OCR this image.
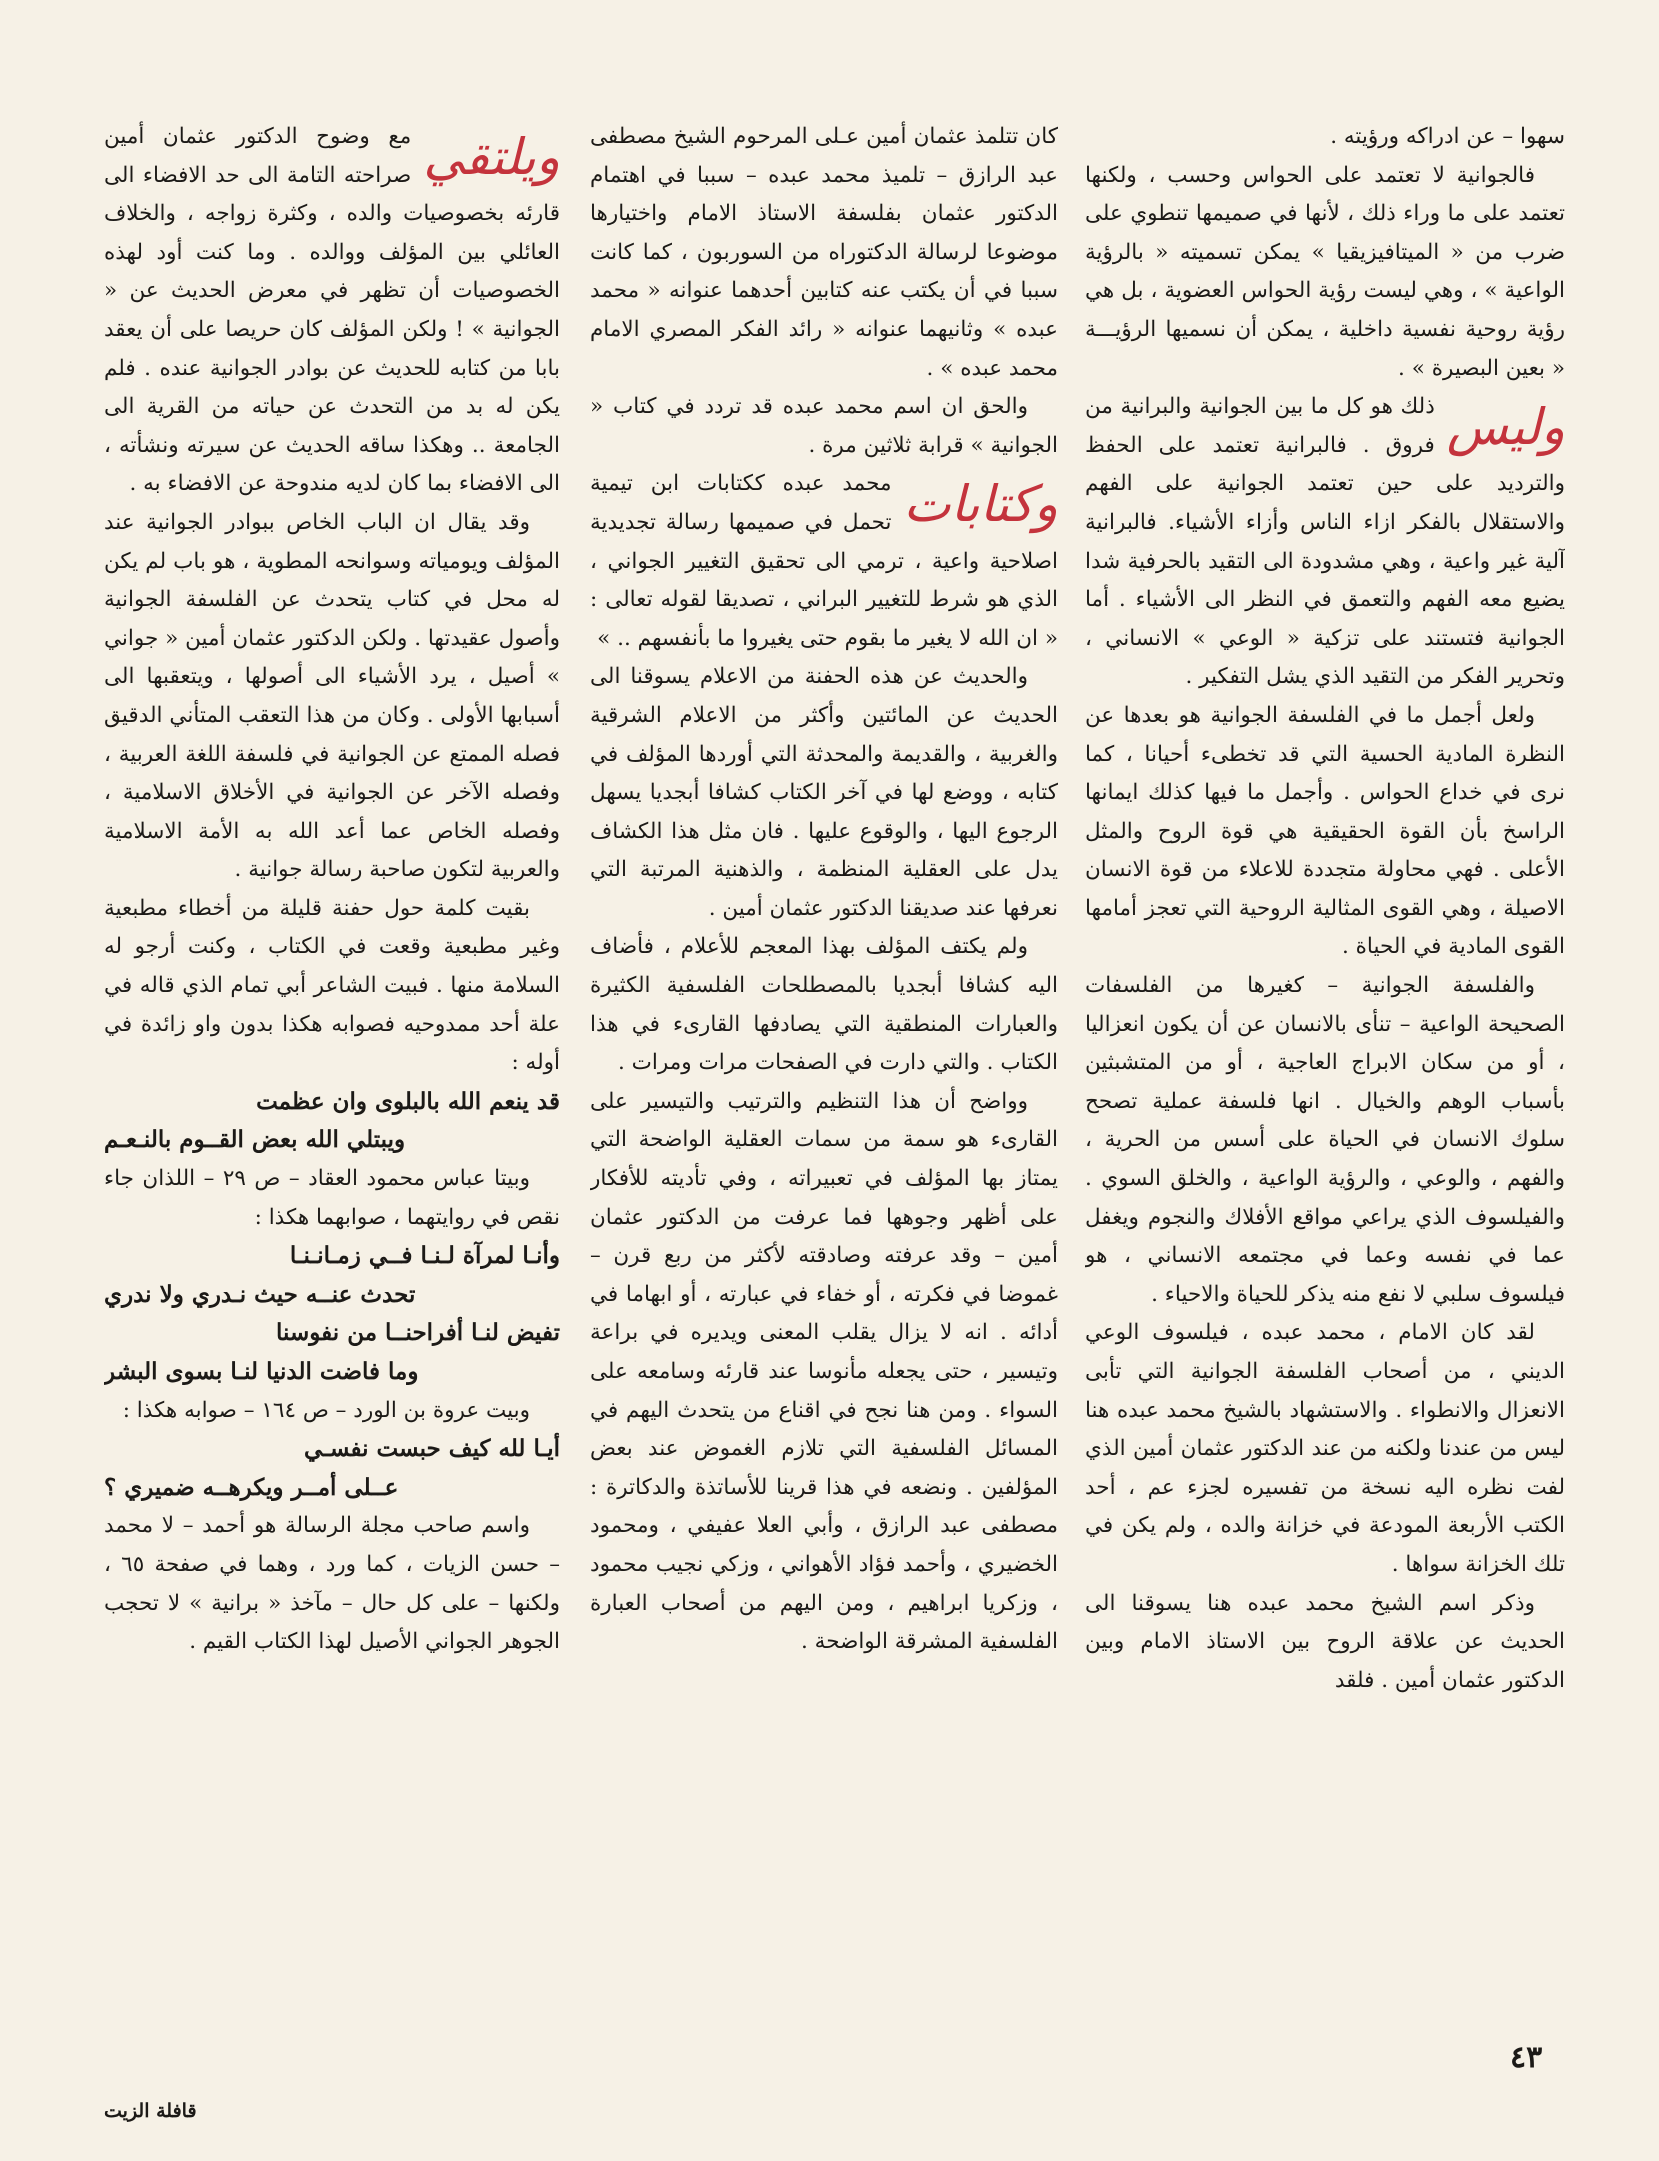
سهوا – عن ادراكه ورؤيته .

فالجوانية لا تعتمد على الحواس وحسب ، ولكنها تعتمد على ما وراء ذلك ، لأنها في صميمها تنطوي على ضرب من « الميتافيزيقيا » يمكن تسميته « بالرؤية الواعية » ، وهي ليست رؤية الحواس العضوية ، بل هي رؤية روحية نفسية داخلية ، يمكن أن نسميها الرؤيـــة « بعين البصيرة » .

وليس
ذلك هو كل ما بين الجوانية والبرانية من فروق . فالبرانية تعتمد على الحفظ والترديد على حين تعتمد الجوانية على الفهم والاستقلال بالفكر ازاء الناس وأزاء الأشياء. فالبرانية آلية غير واعية ، وهي مشدودة الى التقيد بالحرفية شدا يضيع معه الفهم والتعمق في النظر الى الأشياء . أما الجوانية فتستند على تزكية « الوعي » الانساني ، وتحرير الفكر من التقيد الذي يشل التفكير .

ولعل أجمل ما في الفلسفة الجوانية هو بعدها عن النظرة المادية الحسية التي قد تخطىء أحيانا ، كما نرى في خداع الحواس . وأجمل ما فيها كذلك ايمانها الراسخ بأن القوة الحقيقية هي قوة الروح والمثل الأعلى . فهي محاولة متجددة للاعلاء من قوة الانسان الاصيلة ، وهي القوى المثالية الروحية التي تعجز أمامها القوى المادية في الحياة .

والفلسفة الجوانية – كغيرها من الفلسفات الصحيحة الواعية – تنأى بالانسان عن أن يكون انعزاليا ، أو من سكان الابراج العاجية ، أو من المتشبثين بأسباب الوهم والخيال . انها فلسفة عملية تصحح سلوك الانسان في الحياة على أسس من الحرية ، والفهم ، والوعي ، والرؤية الواعية ، والخلق السوي . والفيلسوف الذي يراعي مواقع الأفلاك والنجوم ويغفل عما في نفسه وعما في مجتمعه الانساني ، هو فيلسوف سلبي لا نفع منه يذكر للحياة والاحياء .

لقد كان الامام ، محمد عبده ، فيلسوف الوعي الديني ، من أصحاب الفلسفة الجوانية التي تأبى الانعزال والانطواء . والاستشهاد بالشيخ محمد عبده هنا ليس من عندنا ولكنه من عند الدكتور عثمان أمين الذي لفت نظره اليه نسخة من تفسيره لجزء عم ، أحد الكتب الأربعة المودعة في خزانة والده ، ولم يكن في تلك الخزانة سواها .

وذكر اسم الشيخ محمد عبده هنا يسوقنا الى الحديث عن علاقة الروح بين الاستاذ الامام وبين الدكتور عثمان أمين . فلقد

كان تتلمذ عثمان أمين عـلى المرحوم الشيخ مصطفى عبد الرازق – تلميذ محمد عبده – سببا في اهتمام الدكتور عثمان بفلسفة الاستاذ الامام واختيارها موضوعا لرسالة الدكتوراه من السوربون ، كما كانت سببا في أن يكتب عنه كتابين أحدهما عنوانه « محمد عبده » وثانيهما عنوانه « رائد الفكر المصري الامام محمد عبده » .

والحق ان اسم محمد عبده قد تردد في كتاب « الجوانية » قرابة ثلاثين مرة .

وكتابات
محمد عبده ككتابات ابن تيمية تحمل في صميمها رسالة تجديدية اصلاحية واعية ، ترمي الى تحقيق التغيير الجواني ، الذي هو شرط للتغيير البراني ، تصديقا لقوله تعالى : « ان الله لا يغير ما بقوم حتى يغيروا ما بأنفسهم .. »

والحديث عن هذه الحفنة من الاعلام يسوقنا الى الحديث عن المائتين وأكثر من الاعلام الشرقية والغربية ، والقديمة والمحدثة التي أوردها المؤلف في كتابه ، ووضع لها في آخر الكتاب كشافا أبجديا يسهل الرجوع اليها ، والوقوع عليها . فان مثل هذا الكشاف يدل على العقلية المنظمة ، والذهنية المرتبة التي نعرفها عند صديقنا الدكتور عثمان أمين .

ولم يكتف المؤلف بهذا المعجم للأعلام ، فأضاف اليه كشافا أبجديا بالمصطلحات الفلسفية الكثيرة والعبارات المنطقية التي يصادفها القارىء في هذا الكتاب . والتي دارت في الصفحات مرات ومرات .

وواضح أن هذا التنظيم والترتيب والتيسير على القارىء هو سمة من سمات العقلية الواضحة التي يمتاز بها المؤلف في تعبيراته ، وفي تأديته للأفكار على أظهر وجوهها فما عرفت من الدكتور عثمان أمين – وقد عرفته وصادقته لأكثر من ربع قرن – غموضا في فكرته ، أو خفاء في عبارته ، أو ابهاما في أدائه . انه لا يزال يقلب المعنى ويديره في براعة وتيسير ، حتى يجعله مأنوسا عند قارئه وسامعه على السواء . ومن هنا نجح في اقناع من يتحدث اليهم في المسائل الفلسفية التي تلازم الغموض عند بعض المؤلفين . ونضعه في هذا قرينا للأساتذة والدكاترة : مصطفى عبد الرازق ، وأبي العلا عفيفي ، ومحمود الخضيري ، وأحمد فؤاد الأهواني ، وزكي نجيب محمود ، وزكريا ابراهيم ، ومن اليهم من أصحاب العبارة الفلسفية المشرقة الواضحة .

ويلتقي
مع وضوح الدكتور عثمان أمين صراحته التامة الى حد الافضاء الى قارئه بخصوصيات والده ، وكثرة زواجه ، والخلاف العائلي بين المؤلف ووالده . وما كنت أود لهذه الخصوصيات أن تظهر في معرض الحديث عن « الجوانية » ! ولكن المؤلف كان حريصا على أن يعقد بابا من كتابه للحديث عن بوادر الجوانية عنده . فلم يكن له بد من التحدث عن حياته من القرية الى الجامعة .. وهكذا ساقه الحديث عن سيرته ونشأته ، الى الافضاء بما كان لديه مندوحة عن الافضاء به .

وقد يقال ان الباب الخاص ببوادر الجوانية عند المؤلف ويومياته وسوانحه المطوية ، هو باب لم يكن له محل في كتاب يتحدث عن الفلسفة الجوانية وأصول عقيدتها . ولكن الدكتور عثمان أمين « جواني » أصيل ، يرد الأشياء الى أصولها ، ويتعقبها الى أسبابها الأولى . وكان من هذا التعقب المتأني الدقيق فصله الممتع عن الجوانية في فلسفة اللغة العربية ، وفصله الآخر عن الجوانية في الأخلاق الاسلامية ، وفصله الخاص عما أعد الله به الأمة الاسلامية والعربية لتكون صاحبة رسالة جوانية .

بقيت كلمة حول حفنة قليلة من أخطاء مطبعية وغير مطبعية وقعت في الكتاب ، وكنت أرجو له السلامة منها . فبيت الشاعر أبي تمام الذي قاله في علة أحد ممدوحيه فصوابه هكذا بدون واو زائدة في أوله :

قد ينعم الله بالبلوى وان عظمت

ويبتلي الله بعض القــوم بالنـعـم

وبيتا عباس محمود العقاد – ص ٢٩ – اللذان جاء نقص في روايتهما ، صوابهما هكذا :

وأنـا لمرآة لـنـا فــي زمـانـنـا

تحدث عنــه حيث نـدري ولا ندري

تفيض لنـا أفراحنــا من نفوسنا

وما فاضت الدنيا لنـا بسوى البشر

وبيت عروة بن الورد – ص ١٦٤ – صوابه هكذا :

أيـا لله كيف حبست نفسـي

عــلى أمــر ويكرهــه ضميري ؟

واسم صاحب مجلة الرسالة هو أحمد – لا محمد – حسن الزيات ، كما ورد ، وهما في صفحة ٦٥ ، ولكنها – على كل حال – مآخذ « برانية » لا تحجب الجوهر الجواني الأصيل لهذا الكتاب القيم .

٤٣
قافلة الزيت
